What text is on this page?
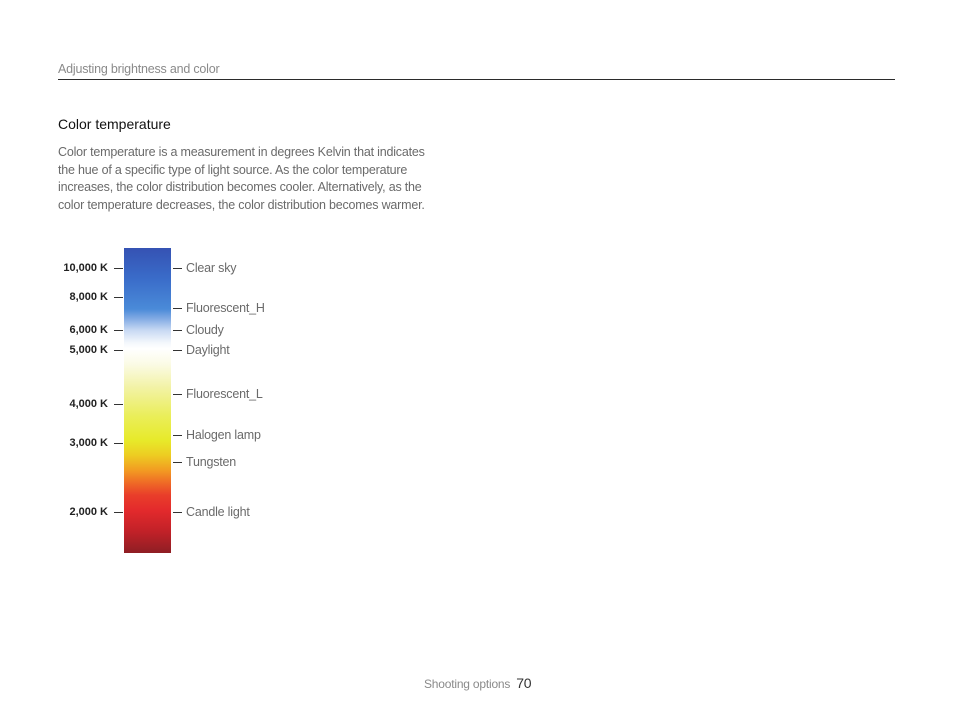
Adjusting brightness and color
Color temperature
Color temperature is a measurement in degrees Kelvin that indicates the hue of a specific type of light source. As the color temperature increases, the color distribution becomes cooler. Alternatively, as the color temperature decreases, the color distribution becomes warmer.
10,000 K
8,000 K
6,000 K
5,000 K
4,000 K
3,000 K
2,000 K
Clear sky
Fluorescent_H
Cloudy
Daylight
Fluorescent_L
Halogen lamp
Tungsten
Candle light
Shooting options 70
